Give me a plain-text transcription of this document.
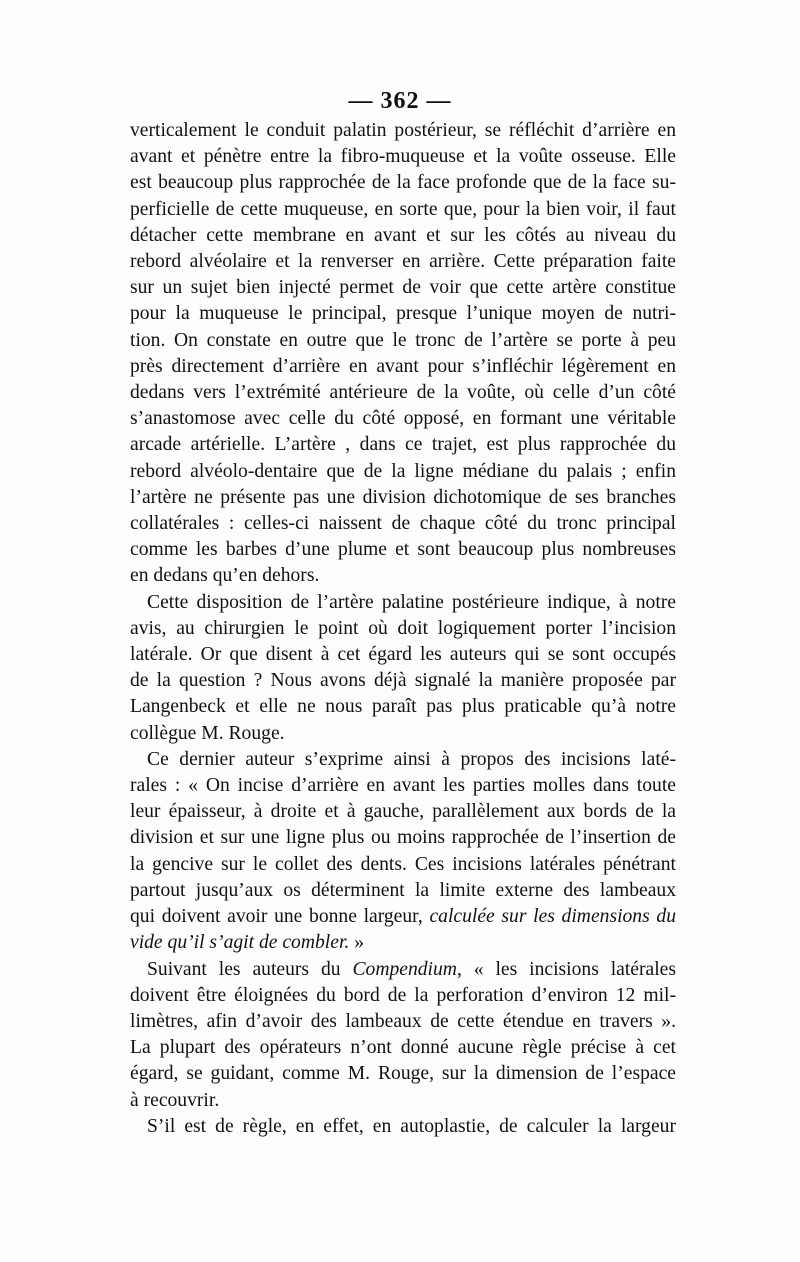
— 362 —
verticalement le conduit palatin postérieur, se réfléchit d’arrière en
avant et pénètre entre la fibro-muqueuse et la voûte osseuse. Elle
est beaucoup plus rapprochée de la face profonde que de la face su-
perficielle de cette muqueuse, en sorte que, pour la bien voir, il faut
détacher cette membrane en avant et sur les côtés au niveau du
rebord alvéolaire et la renverser en arrière. Cette préparation faite
sur un sujet bien injecté permet de voir que cette artère constitue
pour la muqueuse le principal, presque l’unique moyen de nutri-
tion. On constate en outre que le tronc de l’artère se porte à peu
près directement d’arrière en avant pour s’infléchir légèrement en
dedans vers l’extrémité antérieure de la voûte, où celle d’un côté
s’anastomose avec celle du côté opposé, en formant une véritable
arcade artérielle. L’artère , dans ce trajet, est plus rapprochée du
rebord alvéolo-dentaire que de la ligne médiane du palais ; enfin
l’artère ne présente pas une division dichotomique de ses branches
collatérales : celles-ci naissent de chaque côté du tronc principal
comme les barbes d’une plume et sont beaucoup plus nombreuses
en dedans qu’en dehors.
Cette disposition de l’artère palatine postérieure indique, à notre
avis, au chirurgien le point où doit logiquement porter l’incision
latérale. Or que disent à cet égard les auteurs qui se sont occupés
de la question ? Nous avons déjà signalé la manière proposée par
Langenbeck et elle ne nous paraît pas plus praticable qu’à notre
collègue M. Rouge.
Ce dernier auteur s’exprime ainsi à propos des incisions laté-
rales : « On incise d’arrière en avant les parties molles dans toute
leur épaisseur, à droite et à gauche, parallèlement aux bords de la
division et sur une ligne plus ou moins rapprochée de l’insertion de
la gencive sur le collet des dents. Ces incisions latérales pénétrant
partout jusqu’aux os déterminent la limite externe des lambeaux
qui doivent avoir une bonne largeur, calculée sur les dimensions du
vide qu’il s’agit de combler. »
Suivant les auteurs du Compendium, « les incisions latérales
doivent être éloignées du bord de la perforation d’environ 12 mil-
limètres, afin d’avoir des lambeaux de cette étendue en travers ».
La plupart des opérateurs n’ont donné aucune règle précise à cet
égard, se guidant, comme M. Rouge, sur la dimension de l’espace
à recouvrir.
S’il est de règle, en effet, en autoplastie, de calculer la largeur
